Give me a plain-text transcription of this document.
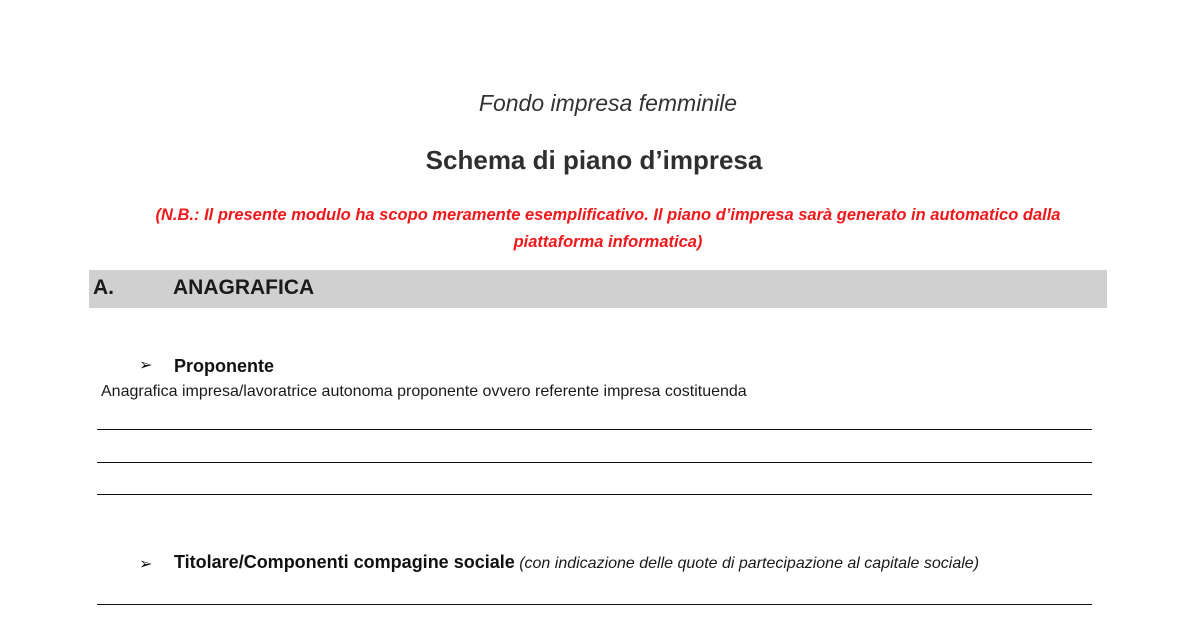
Fondo impresa femminile
Schema di piano d’impresa
(N.B.: Il presente modulo ha scopo meramente esemplificativo. Il piano d’impresa sarà generato in automatico dalla
piattaforma informatica)
A.	ANAGRAFICA
➢ Proponente
Anagrafica impresa/lavoratrice autonoma proponente ovvero referente impresa costituenda
➢ Titolare/Componenti compagine sociale (con indicazione delle quote di partecipazione al capitale sociale)
